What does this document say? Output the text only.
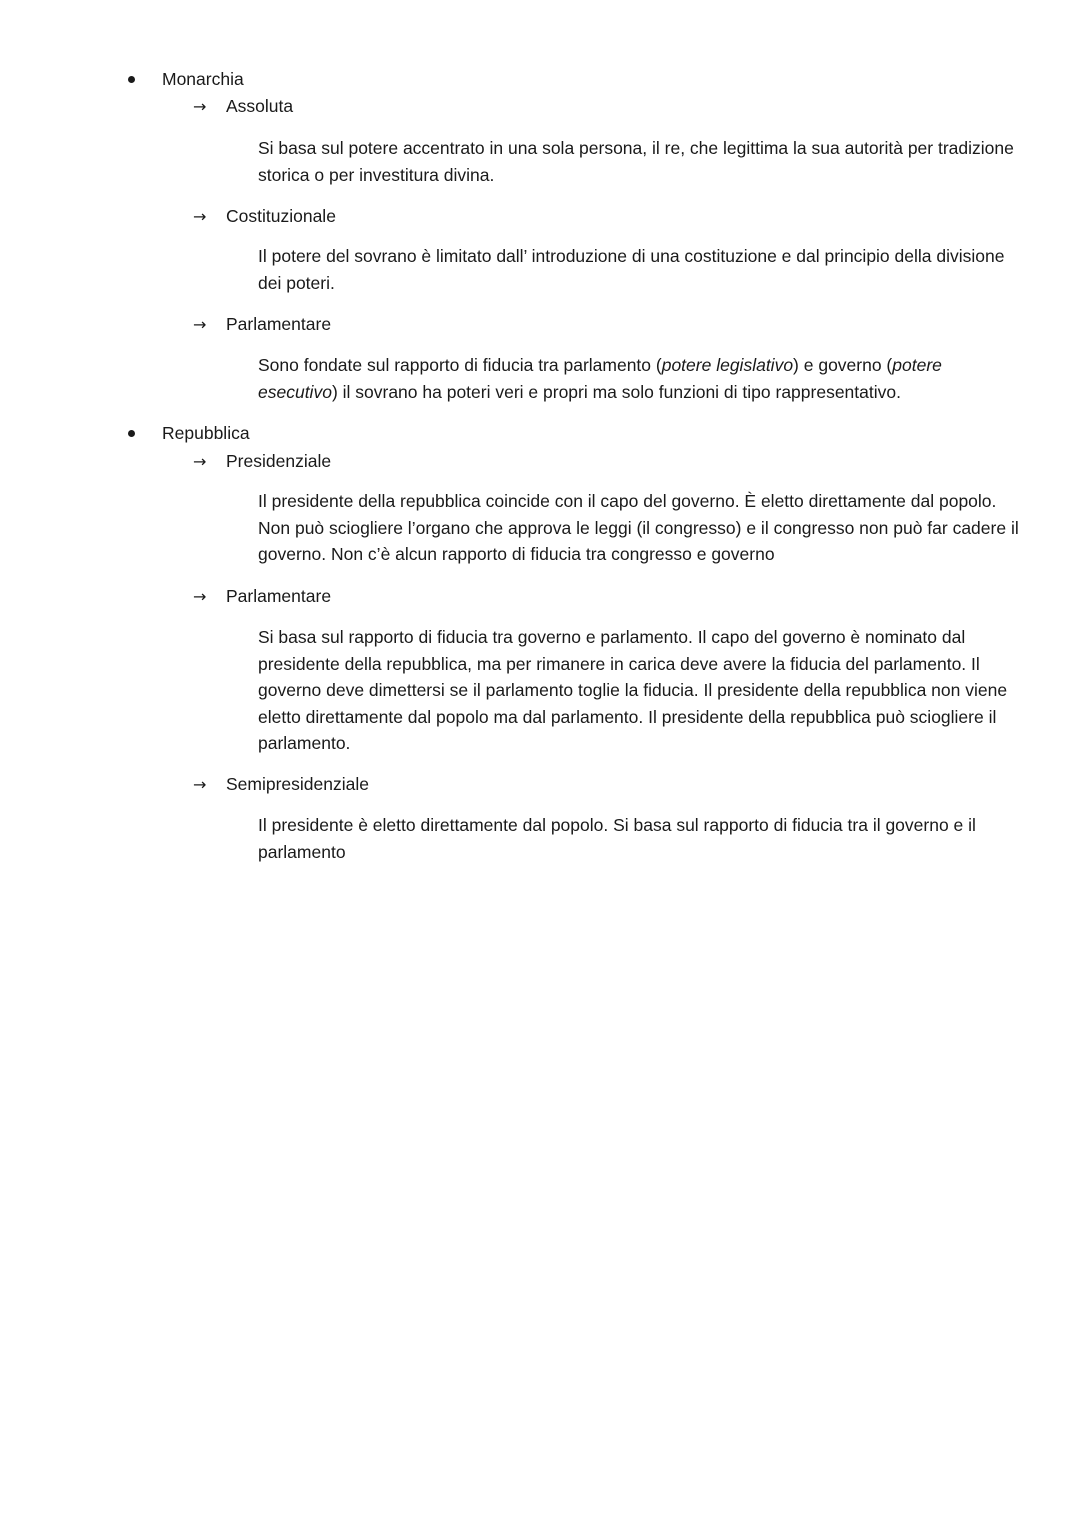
Monarchia
→ Assoluta

Si basa sul potere accentrato in una sola persona, il re, che legittima la sua autorità per tradizione storica o per investitura divina.

→ Costituzionale

Il potere del sovrano è limitato dall’ introduzione di una costituzione e dal principio della divisione dei poteri.

→ Parlamentare

Sono fondate sul rapporto di fiducia tra parlamento (potere legislativo) e governo (potere esecutivo) il sovrano ha poteri veri e propri ma solo funzioni di tipo rappresentativo.

Repubblica
→ Presidenziale

Il presidente della repubblica coincide con il capo del governo. È eletto direttamente dal popolo. Non può sciogliere l’organo che approva le leggi (il congresso) e il congresso non può far cadere il governo. Non c’è alcun rapporto di fiducia tra congresso e governo

→ Parlamentare

Si basa sul rapporto di fiducia tra governo e parlamento. Il capo del governo è nominato dal presidente della repubblica, ma per rimanere in carica deve avere la fiducia del parlamento. Il governo deve dimettersi se il parlamento toglie la fiducia. Il presidente della repubblica non viene eletto direttamente dal popolo ma dal parlamento. Il presidente della repubblica può sciogliere il parlamento.

→ Semipresidenziale

Il presidente è eletto direttamente dal popolo. Si basa sul rapporto di fiducia tra il governo e il parlamento
